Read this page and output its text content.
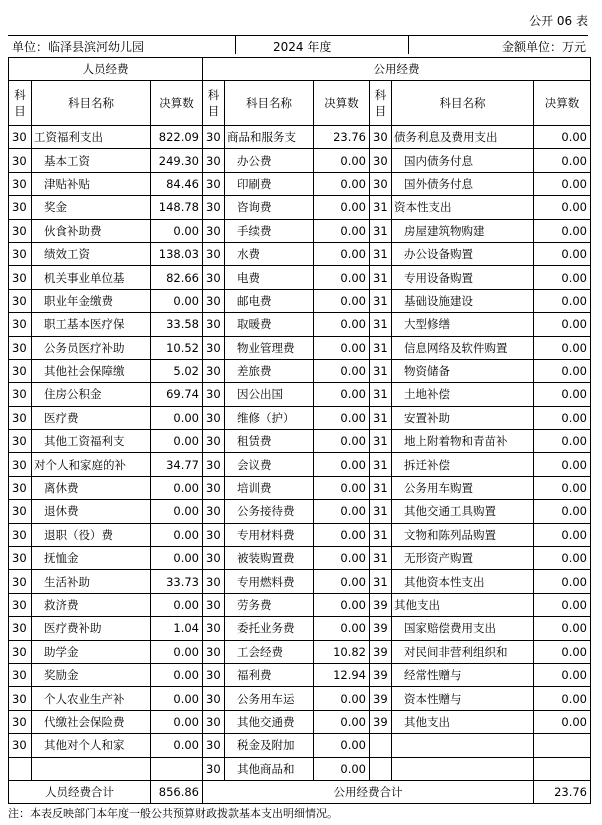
公开 06 表
单位：临泽县滨河幼儿园	2024 年度	金额单位：万元
人员经费			公用经费					
科目	科目名称	决算数	科目	科目名称	决算数	科目	科目名称	决算数
30	工资福利支出	822.09	30	商品和服务支	23.76	30	债务利息及费用支出	0.00
30	基本工资	249.30	30	办公费	0.00	30	国内债务付息	0.00
30	津贴补贴	84.46	30	印刷费	0.00	30	国外债务付息	0.00
30	奖金	148.78	30	咨询费	0.00	31	资本性支出	0.00
30	伙食补助费	0.00	30	手续费	0.00	31	房屋建筑物购建	0.00
30	绩效工资	138.03	30	水费	0.00	31	办公设备购置	0.00
30	机关事业单位基	82.66	30	电费	0.00	31	专用设备购置	0.00
30	职业年金缴费	0.00	30	邮电费	0.00	31	基础设施建设	0.00
30	职工基本医疗保	33.58	30	取暖费	0.00	31	大型修缮	0.00
30	公务员医疗补助	10.52	30	物业管理费	0.00	31	信息网络及软件购置	0.00
30	其他社会保障缴	5.02	30	差旅费	0.00	31	物资储备	0.00
30	住房公积金	69.74	30	因公出国	0.00	31	土地补偿	0.00
30	医疗费	0.00	30	维修（护）	0.00	31	安置补助	0.00
30	其他工资福利支	0.00	30	租赁费	0.00	31	地上附着物和青苗补	0.00
30	对个人和家庭的补	34.77	30	会议费	0.00	31	拆迁补偿	0.00
30	离休费	0.00	30	培训费	0.00	31	公务用车购置	0.00
30	退休费	0.00	30	公务接待费	0.00	31	其他交通工具购置	0.00
30	退职（役）费	0.00	30	专用材料费	0.00	31	文物和陈列品购置	0.00
30	抚恤金	0.00	30	被装购置费	0.00	31	无形资产购置	0.00
30	生活补助	33.73	30	专用燃料费	0.00	31	其他资本性支出	0.00
30	救济费	0.00	30	劳务费	0.00	39	其他支出	0.00
30	医疗费补助	1.04	30	委托业务费	0.00	39	国家赔偿费用支出	0.00
30	助学金	0.00	30	工会经费	10.82	39	对民间非营利组织和	0.00
30	奖励金	0.00	30	福利费	12.94	39	经常性赠与	0.00
30	个人农业生产补	0.00	30	公务用车运	0.00	39	资本性赠与	0.00
30	代缴社会保险费	0.00	30	其他交通费	0.00	39	其他支出	0.00
30	其他对个人和家	0.00	30	税金及附加	0.00			
			30	其他商品和	0.00			
人员经费合计		856.86	公用经费合计					23.76
注：本表反映部门本年度一般公共预算财政拨款基本支出明细情况。
